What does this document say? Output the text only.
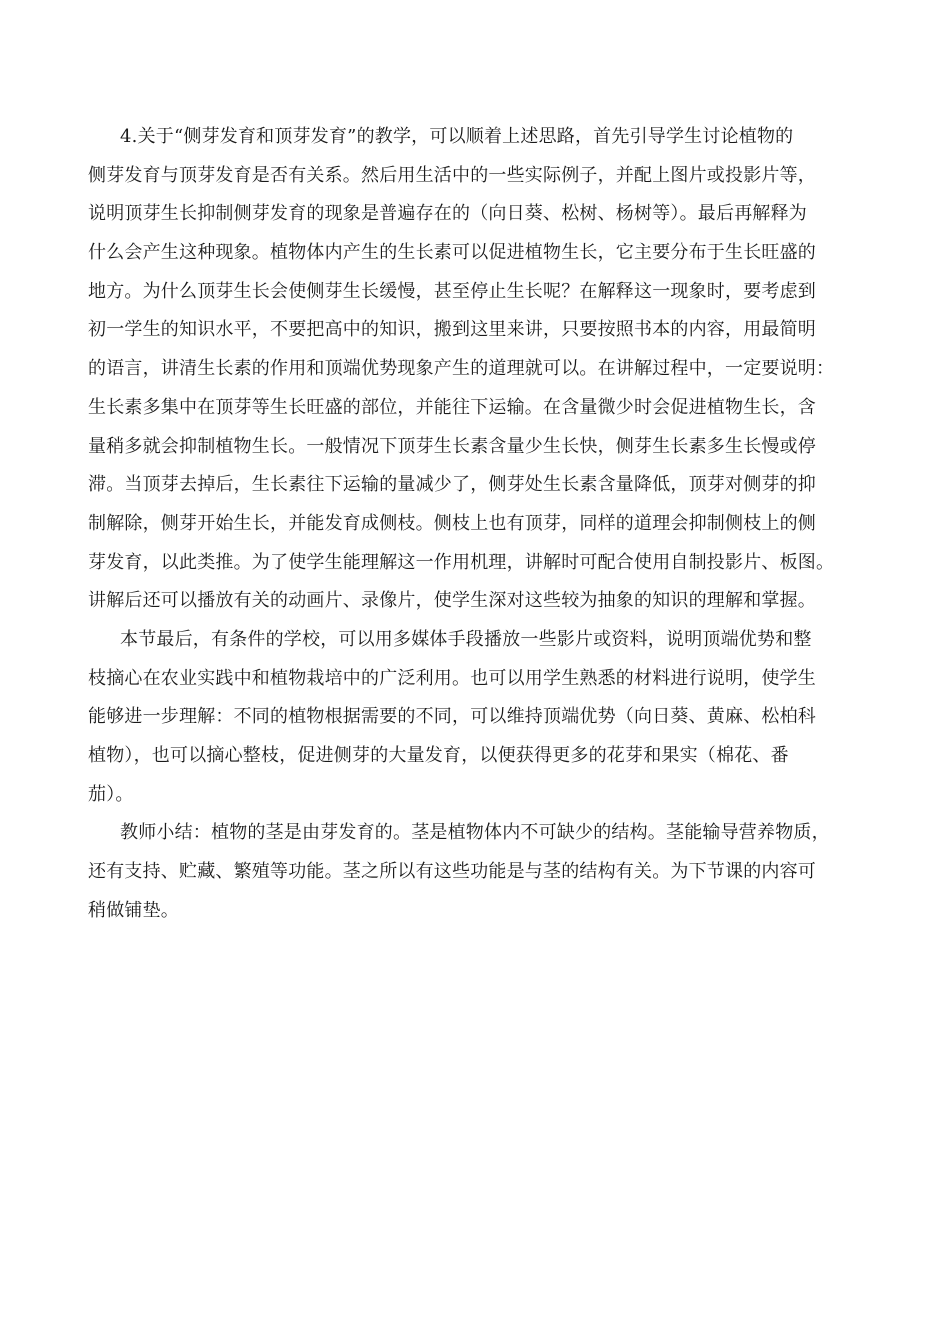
4.关于“侧芽发育和顶芽发育”的教学，可以顺着上述思路，首先引导学生讨论植物的
侧芽发育与顶芽发育是否有关系。然后用生活中的一些实际例子，并配上图片或投影片等，
说明顶芽生长抑制侧芽发育的现象是普遍存在的（向日葵、松树、杨树等）。最后再解释为
什么会产生这种现象。植物体内产生的生长素可以促进植物生长，它主要分布于生长旺盛的
地方。为什么顶芽生长会使侧芽生长缓慢，甚至停止生长呢？在解释这一现象时，要考虑到
初一学生的知识水平，不要把高中的知识，搬到这里来讲，只要按照书本的内容，用最简明
的语言，讲清生长素的作用和顶端优势现象产生的道理就可以。在讲解过程中，一定要说明：
生长素多集中在顶芽等生长旺盛的部位，并能往下运输。在含量微少时会促进植物生长，含
量稍多就会抑制植物生长。一般情况下顶芽生长素含量少生长快，侧芽生长素多生长慢或停
滞。当顶芽去掉后，生长素往下运输的量减少了，侧芽处生长素含量降低，顶芽对侧芽的抑
制解除，侧芽开始生长，并能发育成侧枝。侧枝上也有顶芽，同样的道理会抑制侧枝上的侧
芽发育，以此类推。为了使学生能理解这一作用机理，讲解时可配合使用自制投影片、板图。
讲解后还可以播放有关的动画片、录像片，使学生深对这些较为抽象的知识的理解和掌握。
本节最后，有条件的学校，可以用多媒体手段播放一些影片或资料，说明顶端优势和整
枝摘心在农业实践中和植物栽培中的广泛利用。也可以用学生熟悉的材料进行说明，使学生
能够进一步理解：不同的植物根据需要的不同，可以维持顶端优势（向日葵、黄麻、松柏科
植物），也可以摘心整枝，促进侧芽的大量发育，以便获得更多的花芽和果实（棉花、番
茄）。
教师小结：植物的茎是由芽发育的。茎是植物体内不可缺少的结构。茎能输导营养物质，
还有支持、贮藏、繁殖等功能。茎之所以有这些功能是与茎的结构有关。为下节课的内容可
稍做铺垫。
